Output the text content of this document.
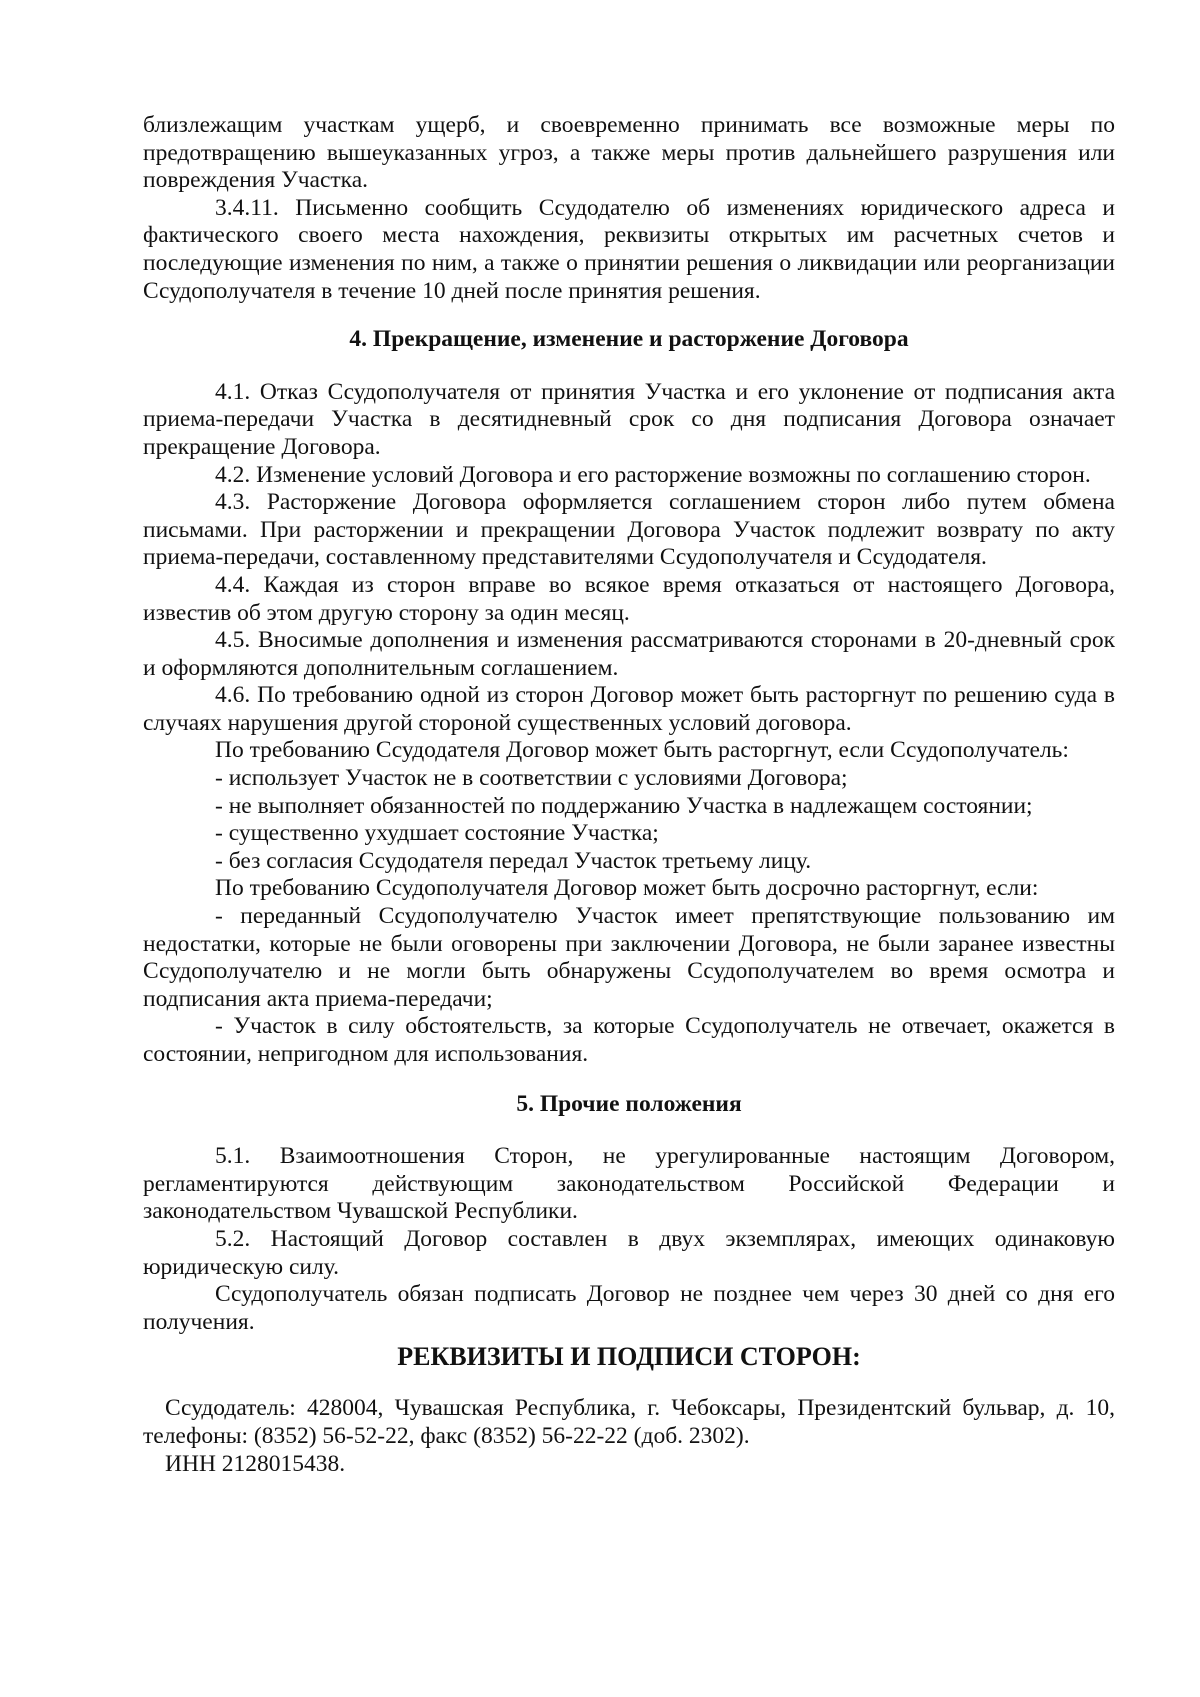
близлежащим участкам ущерб, и своевременно принимать все возможные меры по предотвращению вышеуказанных угроз, а также меры против дальнейшего разрушения или повреждения Участка.

3.4.11. Письменно сообщить Ссудодателю об изменениях юридического адреса и фактического своего места нахождения, реквизиты открытых им расчетных счетов и последующие изменения по ним, а также о принятии решения о ликвидации или реорганизации Ссудополучателя в течение 10 дней после принятия решения.

4. Прекращение, изменение и расторжение Договора

4.1. Отказ Ссудополучателя от принятия Участка и его уклонение от подписания акта приема-передачи Участка в десятидневный срок со дня подписания Договора означает прекращение Договора.

4.2. Изменение условий Договора и его расторжение возможны по соглашению сторон.

4.3. Расторжение Договора оформляется соглашением сторон либо путем обмена письмами. При расторжении и прекращении Договора Участок подлежит возврату по акту приема-передачи, составленному представителями Ссудополучателя и Ссудодателя.

4.4. Каждая из сторон вправе во всякое время отказаться от настоящего Договора, известив об этом другую сторону за один месяц.

4.5. Вносимые дополнения и изменения рассматриваются сторонами в 20-дневный срок и оформляются дополнительным соглашением.

4.6. По требованию одной из сторон Договор может быть расторгнут по решению суда в случаях нарушения другой стороной существенных условий договора.

По требованию Ссудодателя Договор может быть расторгнут, если Ссудополучатель:

- использует Участок не в соответствии с условиями Договора;

- не выполняет обязанностей по поддержанию Участка в надлежащем состоянии;

- существенно ухудшает состояние Участка;

- без согласия Ссудодателя передал Участок третьему лицу.

По требованию Ссудополучателя Договор может быть досрочно расторгнут, если:

- переданный Ссудополучателю Участок имеет препятствующие пользованию им недостатки, которые не были оговорены при заключении Договора, не были заранее известны Ссудополучателю и не могли быть обнаружены Ссудополучателем во время осмотра и подписания акта приема-передачи;

- Участок в силу обстоятельств, за которые Ссудополучатель не отвечает, окажется в состоянии, непригодном для использования.

5. Прочие положения

5.1. Взаимоотношения Сторон, не урегулированные настоящим Договором, регламентируются действующим законодательством Российской Федерации и законодательством Чувашской Республики.

5.2. Настоящий Договор составлен в двух экземплярах, имеющих одинаковую юридическую силу.

Ссудополучатель обязан подписать Договор не позднее чем через 30 дней со дня его получения.

РЕКВИЗИТЫ И ПОДПИСИ СТОРОН:

Ссудодатель: 428004, Чувашская Республика, г. Чебоксары, Президентский бульвар, д. 10, телефоны: (8352) 56-52-22, факс (8352) 56-22-22 (доб. 2302).

ИНН 2128015438.
